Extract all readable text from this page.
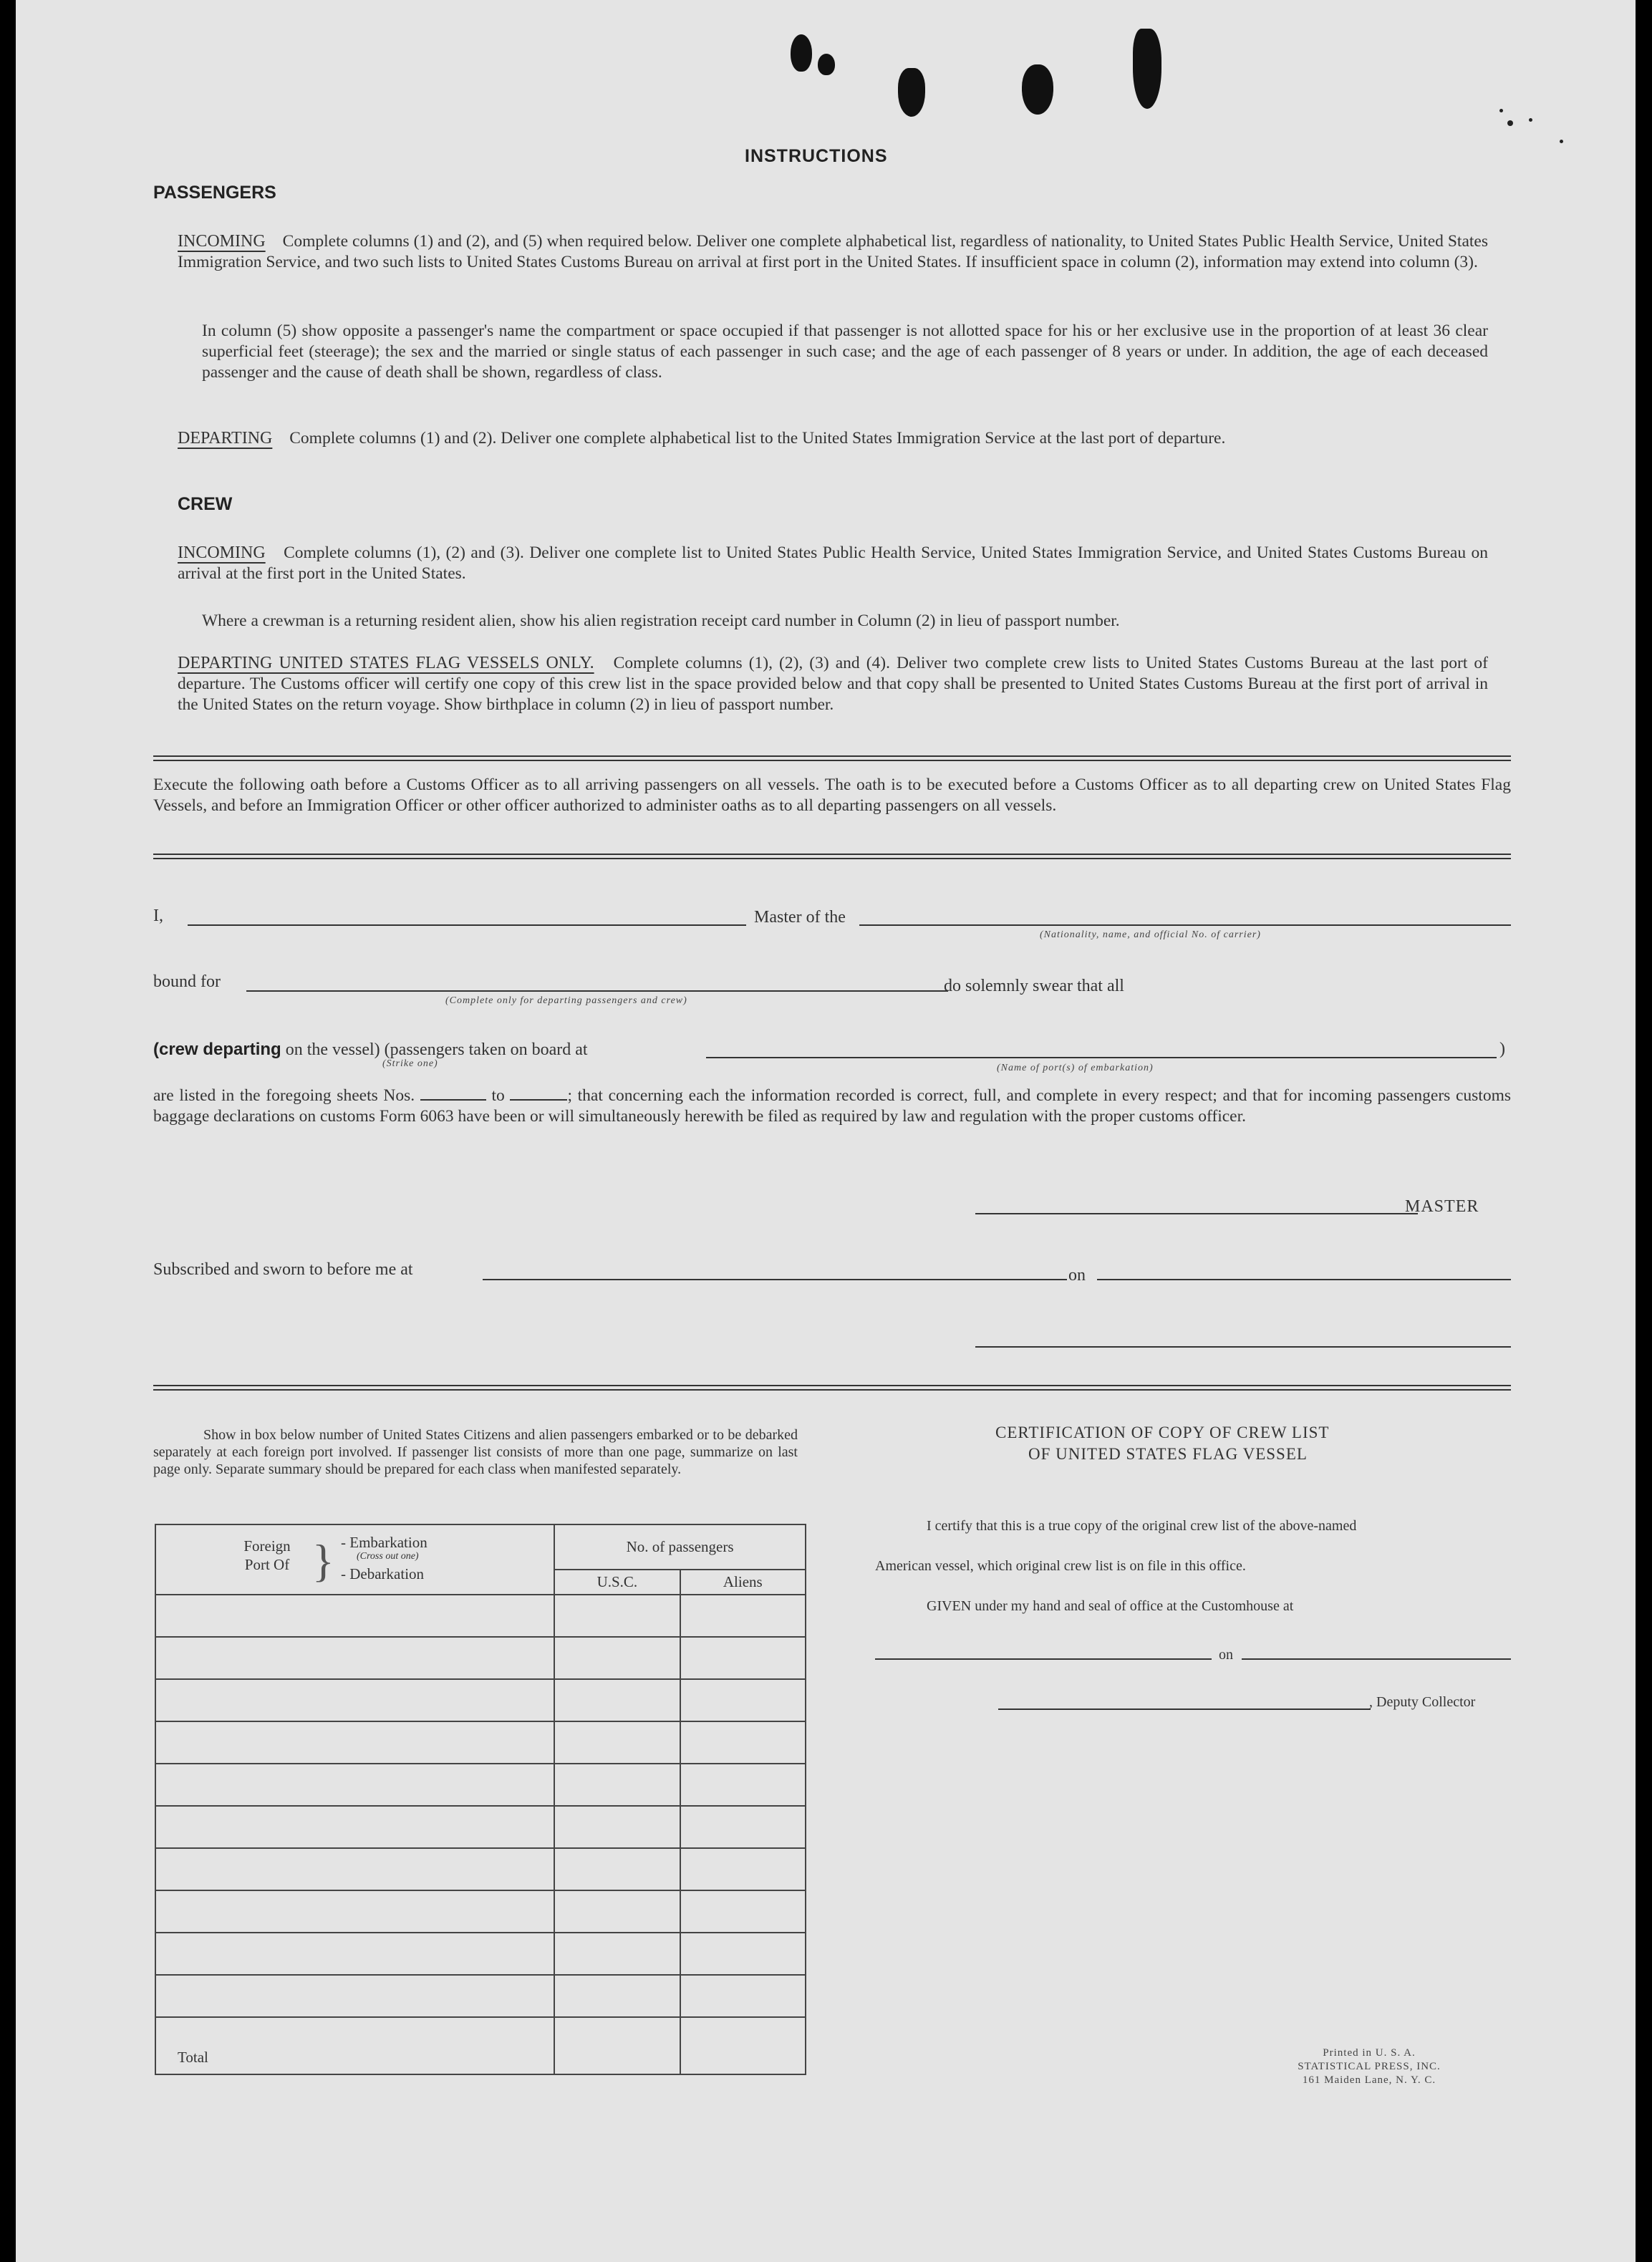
INSTRUCTIONS
PASSENGERS
INCOMING Complete columns (1) and (2), and (5) when required below. Deliver one complete alphabetical list, regardless of nationality, to United States Public Health Service, United States Immigration Service, and two such lists to United States Customs Bureau on arrival at first port in the United States. If insufficient space in column (2), information may extend into column (3).
In column (5) show opposite a passenger's name the compartment or space occupied if that passenger is not allotted space for his or her exclusive use in the proportion of at least 36 clear superficial feet (steerage); the sex and the married or single status of each passenger in such case; and the age of each passenger of 8 years or under. In addition, the age of each deceased passenger and the cause of death shall be shown, regardless of class.
DEPARTING Complete columns (1) and (2). Deliver one complete alphabetical list to the United States Immigration Service at the last port of departure.
CREW
INCOMING Complete columns (1), (2) and (3). Deliver one complete list to United States Public Health Service, United States Immigration Service, and United States Customs Bureau on arrival at the first port in the United States.
Where a crewman is a returning resident alien, show his alien registration receipt card number in Column (2) in lieu of passport number.
DEPARTING UNITED STATES FLAG VESSELS ONLY. Complete columns (1), (2), (3) and (4). Deliver two complete crew lists to United States Customs Bureau at the last port of departure. The Customs officer will certify one copy of this crew list in the space provided below and that copy shall be presented to United States Customs Bureau at the first port of arrival in the United States on the return voyage. Show birthplace in column (2) in lieu of passport number.
Execute the following oath before a Customs Officer as to all arriving passengers on all vessels. The oath is to be executed before a Customs Officer as to all departing crew on United States Flag Vessels, and before an Immigration Officer or other officer authorized to administer oaths as to all departing passengers on all vessels.
I,	Master of the
(Nationality, name, and official No. of carrier)
bound for
(Complete only for departing passengers and crew)
do solemnly swear that all
(crew departing on the vessel) (passengers taken on board at
(Strike one)
)
(Name of port(s) of embarkation)
are listed in the foregoing sheets Nos.	to	; that concerning each the information recorded is correct, full, and complete in every respect; and that for incoming passengers customs baggage declarations on customs Form 6063 have been or will simultaneously herewith be filed as required by law and regulation with the proper customs officer.
MASTER
Subscribed and sworn to before me at	on
Show in box below number of United States Citizens and alien passengers embarked or to be debarked separately at each foreign port involved. If passenger list consists of more than one page, summarize on last page only. Separate summary should be prepared for each class when manifested separately.
Foreign Port Of } - Embarkation
(Cross out one)
- Debarkation	No. of passengers	
	U.S.C.	Aliens

Total		
CERTIFICATION OF COPY OF CREW LIST
OF UNITED STATES FLAG VESSEL
I certify that this is a true copy of the original crew list of the above-named
American vessel, which original crew list is on file in this office.
GIVEN under my hand and seal of office at the Customhouse at
on
, Deputy Collector
Printed in U. S. A.
STATISTICAL PRESS, INC.
161 Maiden Lane, N. Y. C.
